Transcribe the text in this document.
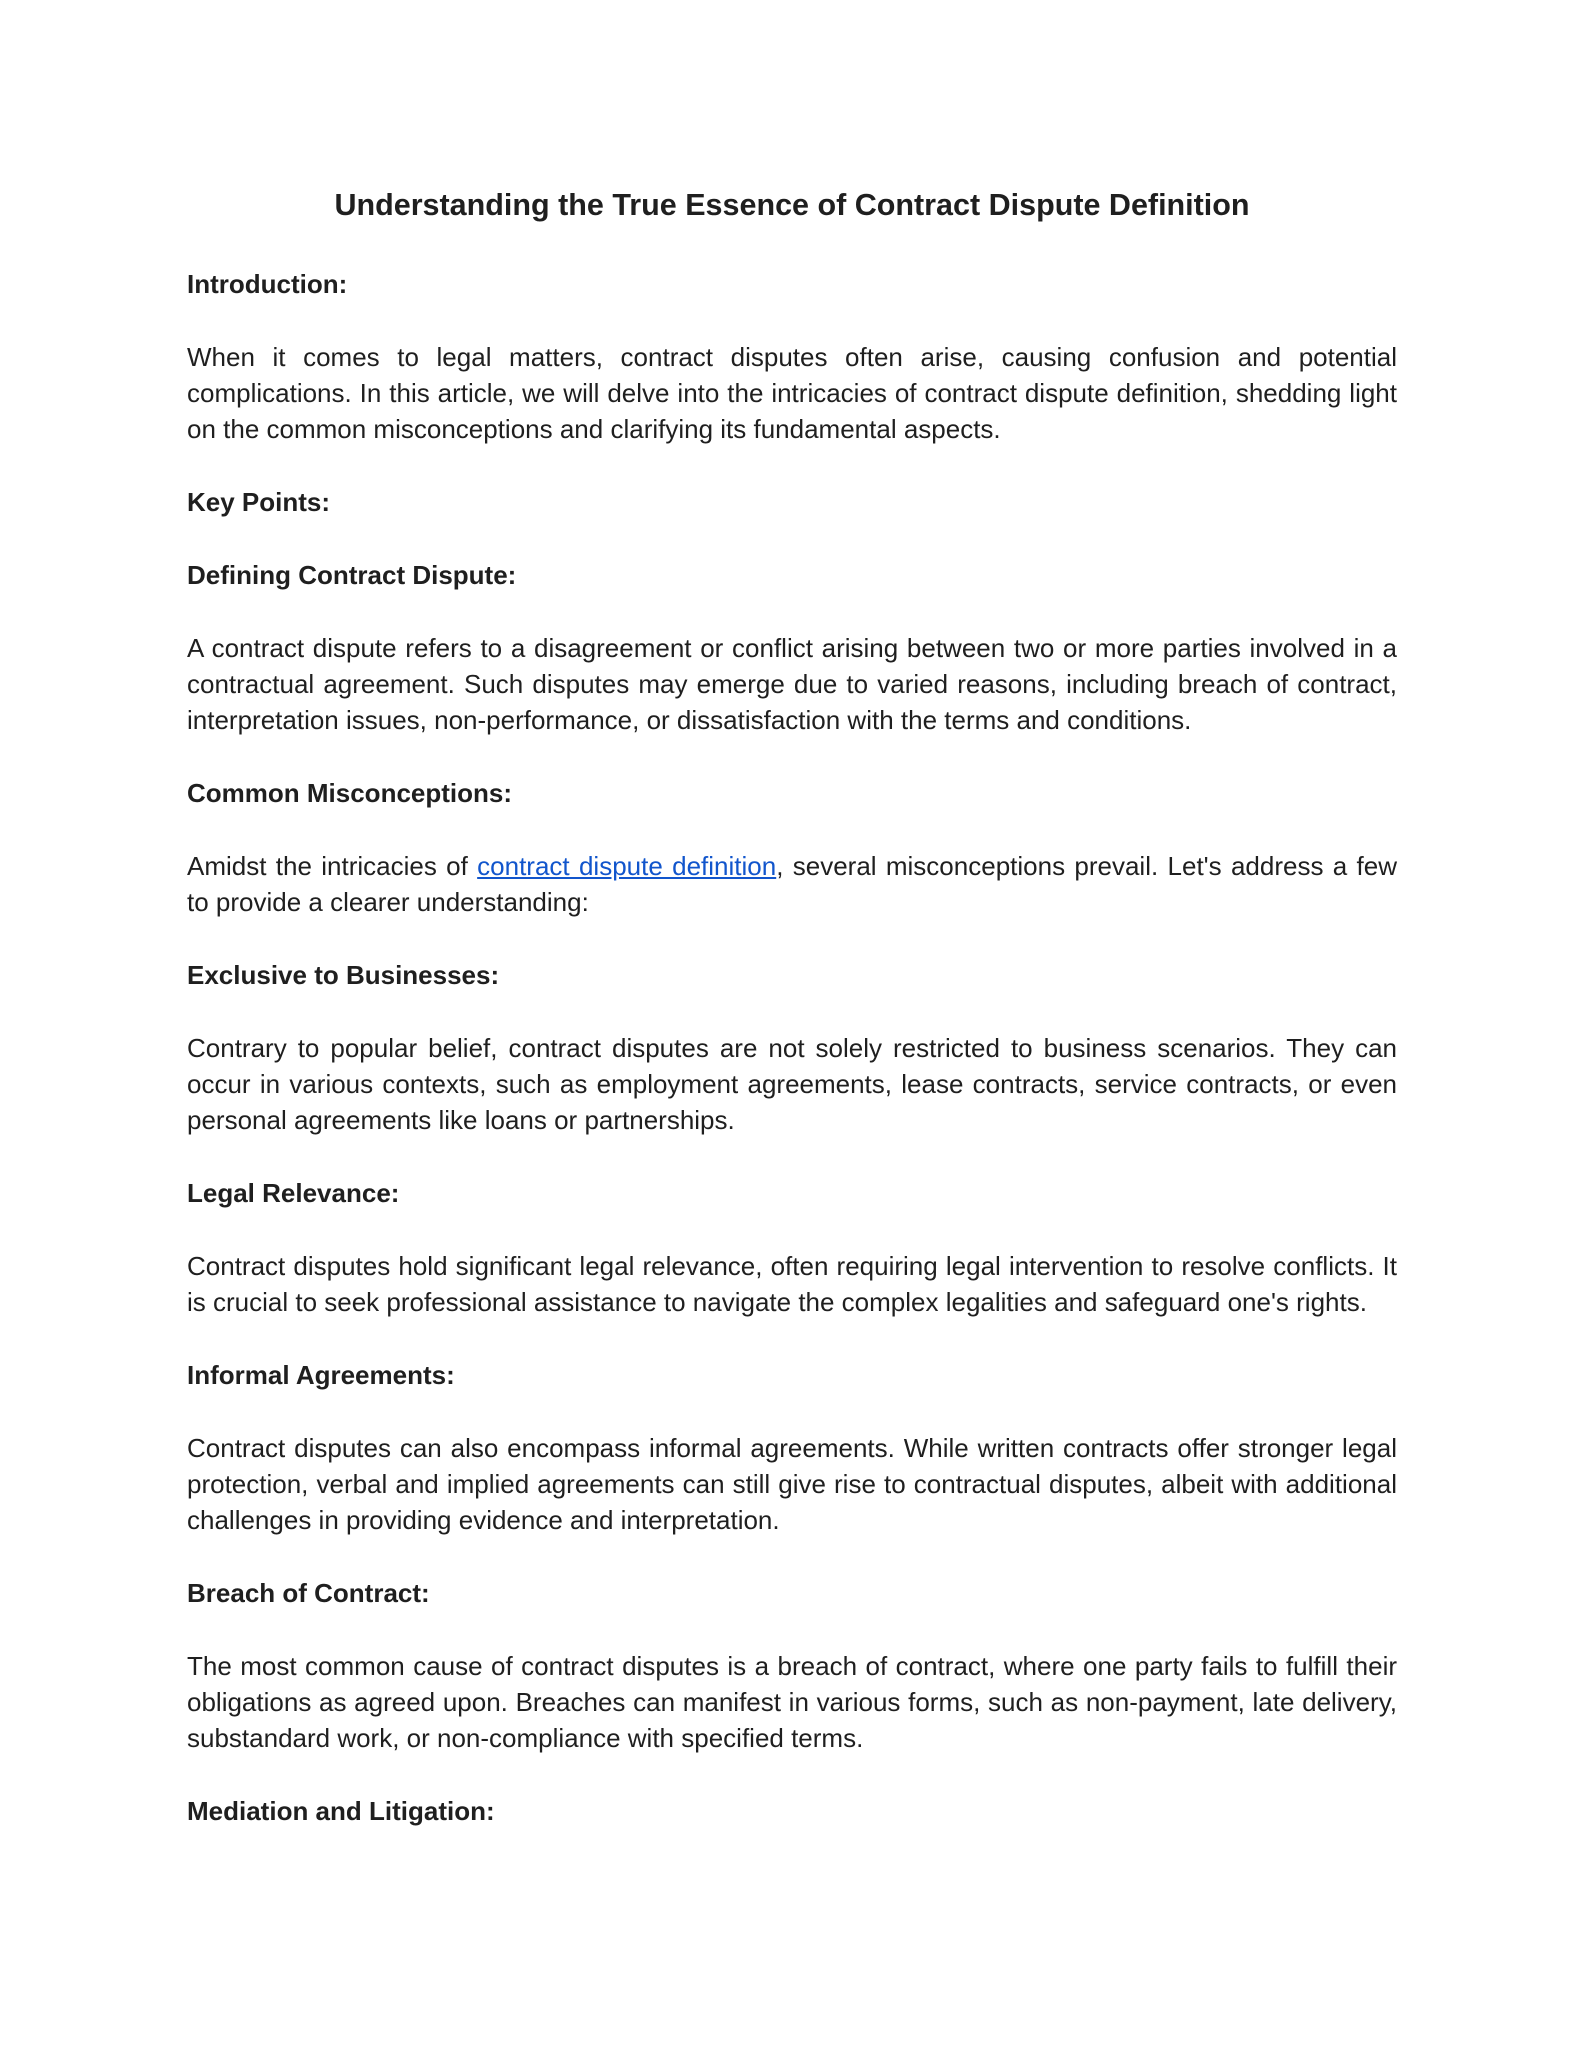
Understanding the True Essence of Contract Dispute Definition

Introduction:

When it comes to legal matters, contract disputes often arise, causing confusion and potential complications. In this article, we will delve into the intricacies of contract dispute definition, shedding light on the common misconceptions and clarifying its fundamental aspects.

Key Points:

Defining Contract Dispute:

A contract dispute refers to a disagreement or conflict arising between two or more parties involved in a contractual agreement. Such disputes may emerge due to varied reasons, including breach of contract, interpretation issues, non-performance, or dissatisfaction with the terms and conditions.

Common Misconceptions:

Amidst the intricacies of contract dispute definition, several misconceptions prevail. Let's address a few to provide a clearer understanding:

Exclusive to Businesses:

Contrary to popular belief, contract disputes are not solely restricted to business scenarios. They can occur in various contexts, such as employment agreements, lease contracts, service contracts, or even personal agreements like loans or partnerships.

Legal Relevance:

Contract disputes hold significant legal relevance, often requiring legal intervention to resolve conflicts. It is crucial to seek professional assistance to navigate the complex legalities and safeguard one's rights.

Informal Agreements:

Contract disputes can also encompass informal agreements. While written contracts offer stronger legal protection, verbal and implied agreements can still give rise to contractual disputes, albeit with additional challenges in providing evidence and interpretation.

Breach of Contract:

The most common cause of contract disputes is a breach of contract, where one party fails to fulfill their obligations as agreed upon. Breaches can manifest in various forms, such as non-payment, late delivery, substandard work, or non-compliance with specified terms.

Mediation and Litigation:
